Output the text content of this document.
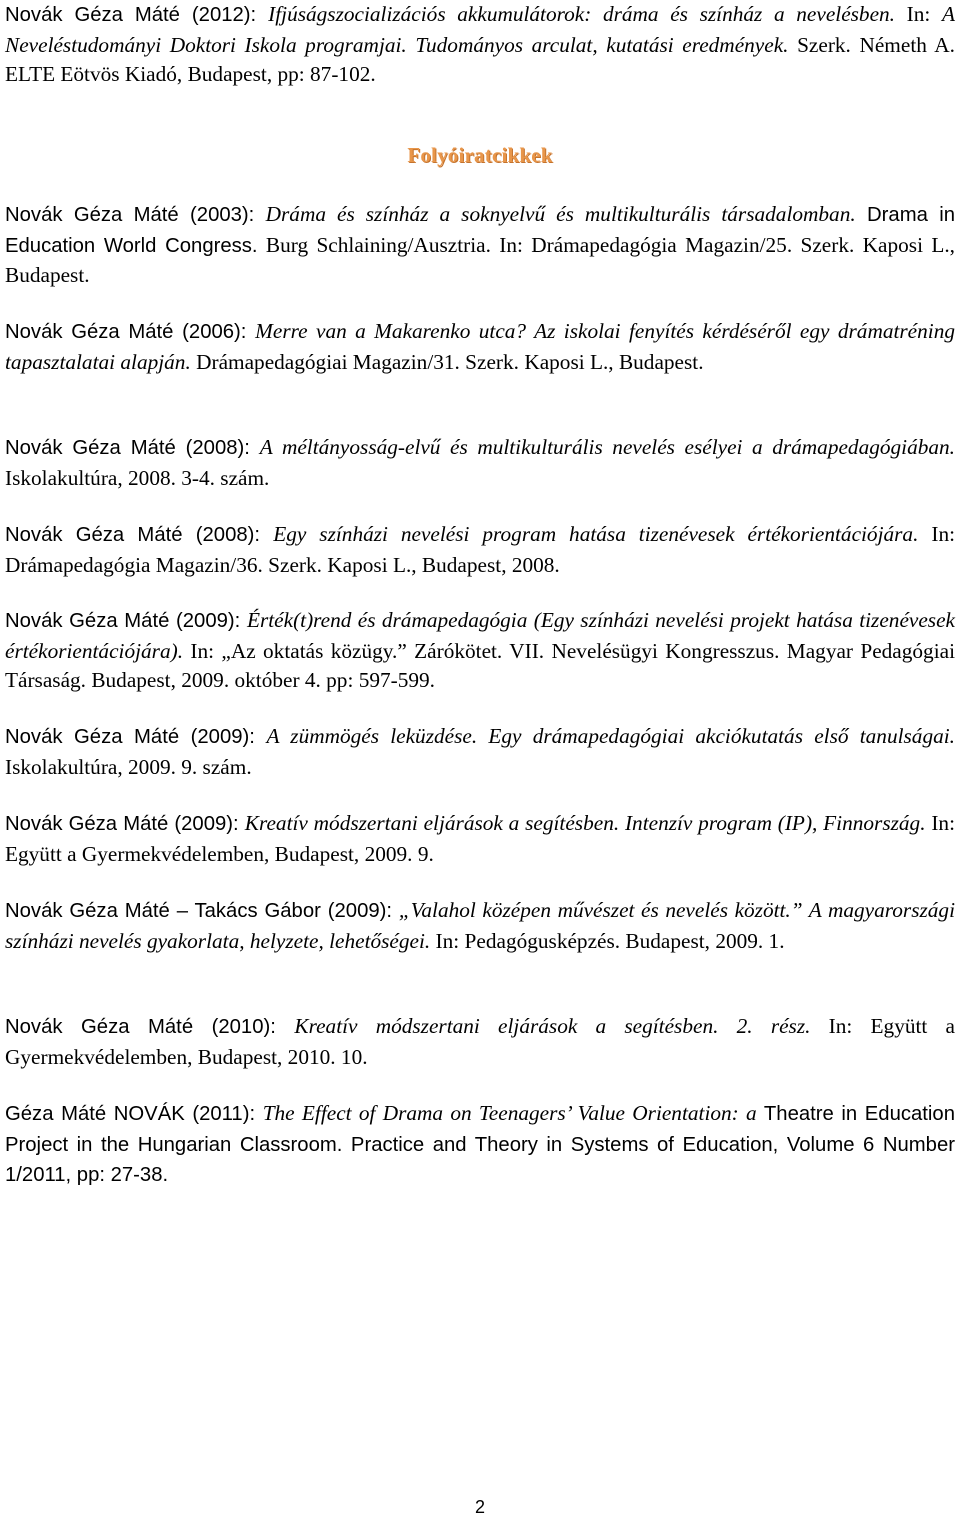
Novák Géza Máté (2012): Ifjúságszocializációs akkumulátorok: dráma és színház a nevelésben. In: A Neveléstudományi Doktori Iskola programjai. Tudományos arculat, kutatási eredmények. Szerk. Németh A. ELTE Eötvös Kiadó, Budapest, pp: 87-102.

Folyóiratcikkek

Novák Géza Máté (2003): Dráma és színház a soknyelvű és multikulturális társadalomban. Drama in Education World Congress. Burg Schlaining/Ausztria. In: Drámapedagógia Magazin/25. Szerk. Kaposi L., Budapest.

Novák Géza Máté (2006): Merre van a Makarenko utca? Az iskolai fenyítés kérdéséről egy drámatréning tapasztalatai alapján. Drámapedagógiai Magazin/31. Szerk. Kaposi L., Budapest.

Novák Géza Máté (2008): A méltányosság-elvű és multikulturális nevelés esélyei a drámapedagógiában. Iskolakultúra, 2008. 3-4. szám.

Novák Géza Máté (2008): Egy színházi nevelési program hatása tizenévesek értékorientációjára. In: Drámapedagógia Magazin/36. Szerk. Kaposi L., Budapest, 2008.

Novák Géza Máté (2009): Érték(t)rend és drámapedagógia (Egy színházi nevelési projekt hatása tizenévesek értékorientációjára). In: „Az oktatás közügy.” Zárókötet. VII. Nevelésügyi Kongresszus. Magyar Pedagógiai Társaság. Budapest, 2009. október 4. pp: 597-599.

Novák Géza Máté (2009): A zümmögés leküzdése. Egy drámapedagógiai akciókutatás első tanulságai. Iskolakultúra, 2009. 9. szám.

Novák Géza Máté (2009): Kreatív módszertani eljárások a segítésben. Intenzív program (IP), Finnország. In: Együtt a Gyermekvédelemben, Budapest, 2009. 9.

Novák Géza Máté – Takács Gábor (2009): „Valahol középen művészet és nevelés között.” A magyarországi színházi nevelés gyakorlata, helyzete, lehetőségei. In: Pedagógusképzés. Budapest, 2009. 1.

Novák Géza Máté (2010): Kreatív módszertani eljárások a segítésben. 2. rész. In: Együtt a Gyermekvédelemben, Budapest, 2010. 10.

Géza Máté NOVÁK (2011): The Effect of Drama on Teenagers’ Value Orientation: a Theatre in Education Project in the Hungarian Classroom. Practice and Theory in Systems of Education, Volume 6 Number 1/2011, pp: 27-38.

2
